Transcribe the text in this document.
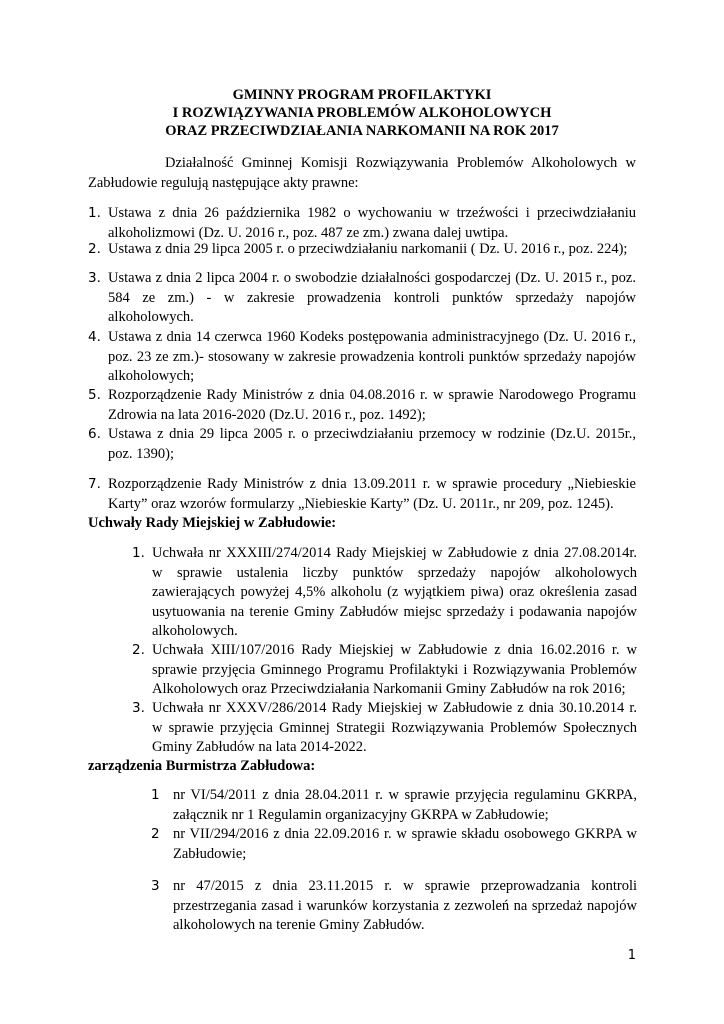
GMINNY PROGRAM PROFILAKTYKI
I ROZWIĄZYWANIA PROBLEMÓW ALKOHOLOWYCH
ORAZ PRZECIWDZIAŁANIA NARKOMANII NA ROK 2017
Działalność Gminnej Komisji Rozwiązywania Problemów Alkoholowych w
Zabłudowie regulują następujące akty prawne:
1. Ustawa z dnia 26 października 1982 o wychowaniu w trzeźwości i przeciwdziałaniu
alkoholizmowi (Dz. U. 2016 r., poz. 487 ze zm.) zwana dalej uwtipa.
2. Ustawa z dnia 29 lipca 2005 r. o przeciwdziałaniu narkomanii ( Dz. U. 2016 r., poz. 224);
3. Ustawa z dnia 2 lipca 2004 r. o swobodzie działalności gospodarczej (Dz. U. 2015 r., poz.
584 ze zm.) - w zakresie prowadzenia kontroli punktów sprzedaży napojów
alkoholowych.
4. Ustawa z dnia 14 czerwca 1960 Kodeks postępowania administracyjnego (Dz. U. 2016 r.,
poz. 23 ze zm.)- stosowany w zakresie prowadzenia kontroli punktów sprzedaży napojów
alkoholowych;
5. Rozporządzenie Rady Ministrów z dnia 04.08.2016 r. w sprawie Narodowego Programu
Zdrowia na lata 2016-2020 (Dz.U. 2016 r., poz. 1492);
6. Ustawa z dnia 29 lipca 2005 r. o przeciwdziałaniu przemocy w rodzinie (Dz.U. 2015r.,
poz. 1390);
7. Rozporządzenie Rady Ministrów z dnia 13.09.2011 r. w sprawie procedury „Niebieskie
Karty” oraz wzorów formularzy „Niebieskie Karty” (Dz. U. 2011r., nr 209, poz. 1245).
Uchwały Rady Miejskiej w Zabłudowie:
1. Uchwała nr XXXIII/274/2014 Rady Miejskiej w Zabłudowie z dnia 27.08.2014r.
w sprawie ustalenia liczby punktów sprzedaży napojów alkoholowych
zawierających powyżej 4,5% alkoholu (z wyjątkiem piwa) oraz określenia zasad
usytuowania na terenie Gminy Zabłudów miejsc sprzedaży i podawania napojów
alkoholowych.
2. Uchwała XIII/107/2016 Rady Miejskiej w Zabłudowie z dnia 16.02.2016 r. w
sprawie przyjęcia Gminnego Programu Profilaktyki i Rozwiązywania Problemów
Alkoholowych oraz Przeciwdziałania Narkomanii Gminy Zabłudów na rok 2016;
3. Uchwała nr XXXV/286/2014 Rady Miejskiej w Zabłudowie z dnia 30.10.2014 r.
w sprawie przyjęcia Gminnej Strategii Rozwiązywania Problemów Społecznych
Gminy Zabłudów na lata 2014-2022.
zarządzenia Burmistrza Zabłudowa:
1 nr VI/54/2011 z dnia 28.04.2011 r. w sprawie przyjęcia regulaminu GKRPA,
załącznik nr 1 Regulamin organizacyjny GKRPA w Zabłudowie;
2 nr VII/294/2016 z dnia 22.09.2016 r. w sprawie składu osobowego GKRPA w
Zabłudowie;
3 nr 47/2015 z dnia 23.11.2015 r. w sprawie przeprowadzania kontroli
przestrzegania zasad i warunków korzystania z zezwoleń na sprzedaż napojów
alkoholowych na terenie Gminy Zabłudów.
1
